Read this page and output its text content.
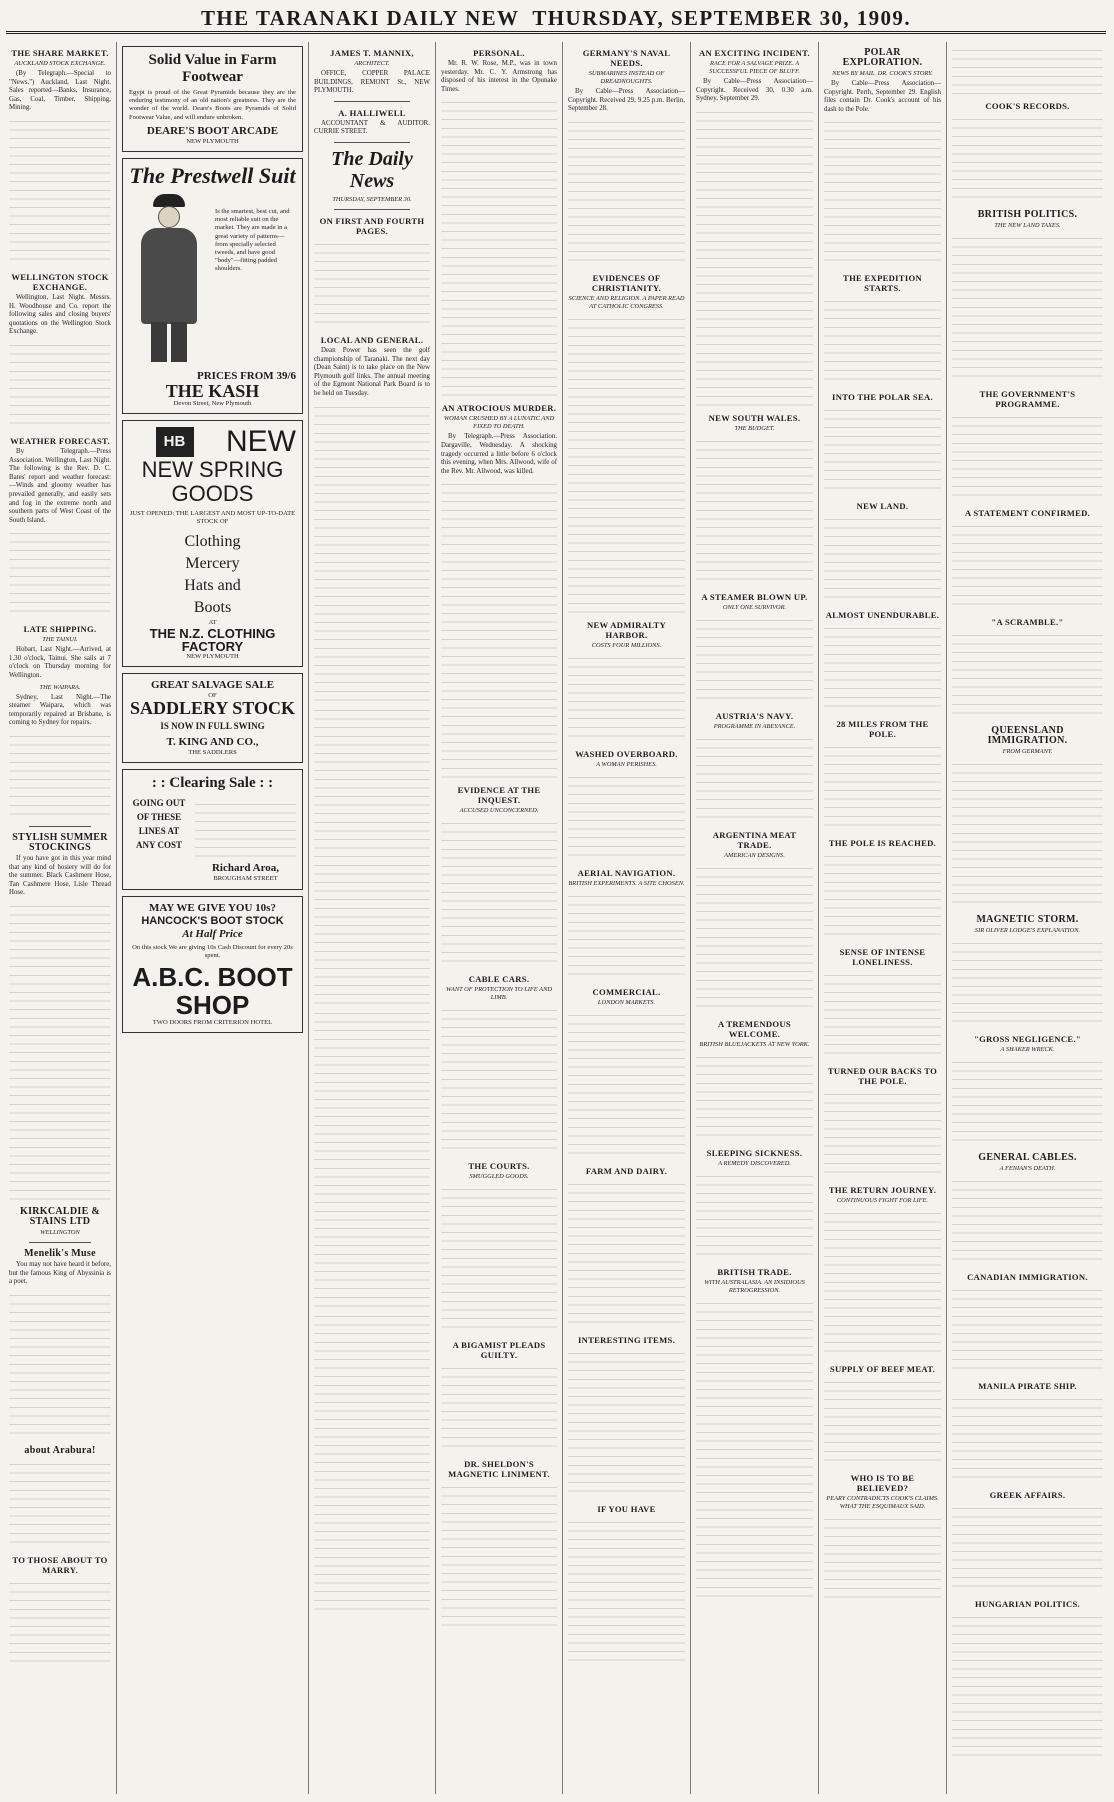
THE TARANAKI DAILY NEW  THURSDAY, SEPTEMBER 30, 1909.
THE SHARE MARKET.
AUCKLAND STOCK EXCHANGE.

(By Telegraph.—Special to "News.") Auckland, Last Night. Sales reported—Banks, Insurance, Gas, Coal, Timber, Shipping, Mining.

WELLINGTON STOCK EXCHANGE.

Wellington, Last Night. Messrs. H. Woodhouse and Co. report the following sales and closing buyers' quotations on the Wellington Stock Exchange.

WEATHER FORECAST.

By Telegraph.—Press Association. Wellington, Last Night. The following is the Rev. D. C. Bates' report and weather forecast:—Winds and gloomy weather has prevailed generally, and easily sets and fog in the extreme north and southern parts of West Coast of the South Island.

LATE SHIPPING.
THE TAINUI.

Hobart, Last Night.—Arrived, at 1.30 o'clock, Tainui. She sails at 7 o'clock on Thursday morning for Wellington.

THE WAIPARA.

Sydney, Last Night.—The steamer Waipara, which was temporarily repaired at Brisbane, is coming to Sydney for repairs.

STYLISH SUMMER STOCKINGS

If you have got in this year mind that any kind of hosiery will do for the summer. Black Cashmere Hose, Tan Cashmere Hose, Lisle Thread Hose.

KIRKCALDIE & STAINS LTD
WELLINGTON
Menelik's Muse

You may not have heard it before, but the famous King of Abyssinia is a poet.

about Arabura!
TO THOSE ABOUT TO MARRY.
Solid Value in Farm Footwear
Egypt is proud of the Great Pyramids because they are the enduring testimony of an old nation's greatness. They are the wonder of the world. Deare's Boots are Pyramids of Solid Footwear Value, and will endure unbroken.
DEARE'S BOOT ARCADE
NEW PLYMOUTH
The Prestwell Suit
Is the smartest, best cut, and most reliable suit on the market. They are made in a great variety of patterns—from specially selected tweeds, and have good "body"—fitting padded shoulders.
PRICES FROM 39/6
THE KASH
Devon Street, New Plymouth
HB NEW
NEW SPRING GOODS
JUST OPENED: THE LARGEST AND MOST UP-TO-DATE STOCK OF
Clothing
Mercery
Hats and
Boots
AT
THE N.Z. CLOTHING FACTORY
NEW PLYMOUTH
GREAT SALVAGE SALE
OF
SADDLERY STOCK
IS NOW IN FULL SWING
T. KING AND CO.,
THE SADDLERS
: : Clearing Sale : :
GOING OUT OF THESE LINES AT ANY COST
Richard Aroa,
BROUGHAM STREET
MAY WE GIVE YOU 10s?
HANCOCK'S BOOT STOCK
At Half Price
On this stock We are giving 10s Cash Discount for every 20s spent.
A.B.C. BOOT SHOP
TWO DOORS FROM CRITERION HOTEL
JAMES T. MANNIX,
ARCHITECT.

OFFICE, COPPER PALACE BUILDINGS, REMONT St., NEW PLYMOUTH.

A. HALLIWELL

ACCOUNTANT & AUDITOR. CURRIE STREET.

The Daily News
THURSDAY, SEPTEMBER 30.
ON FIRST AND FOURTH PAGES.
LOCAL AND GENERAL.

Dean Power has seen the golf championship of Taranaki. The next day (Dean Saint) is to take place on the New Plymouth golf links. The annual meeting of the Egmont National Park Board is to be held on Tuesday.

PERSONAL.

Mr. R. W. Rose, M.P., was in town yesterday. Mr. C. Y. Armstrong has disposed of his interest in the Opunake Times.

AN ATROCIOUS MURDER.
WOMAN CRUSHED BY A LUNATIC AND FIXED TO DEATH.

By Telegraph.—Press Association. Dargaville, Wednesday. A shocking tragedy occurred a little before 6 o'clock this evening, when Mrs. Allwood, wife of the Rev. Mr. Allwood, was killed.

EVIDENCE AT THE INQUEST.
ACCUSED UNCONCERNED.
CABLE CARS.
WANT OF PROTECTION TO LIFE AND LIMB.
THE COURTS.
SMUGGLED GOODS.
A BIGAMIST PLEADS GUILTY.
DR. SHELDON'S MAGNETIC LINIMENT.
GERMANY'S NAVAL NEEDS.
SUBMARINES INSTEAD OF DREADNOUGHTS.

By Cable—Press Association—Copyright. Received 29, 9.25 p.m. Berlin, September 28.

EVIDENCES OF CHRISTIANITY.
SCIENCE AND RELIGION. A PAPER READ AT CATHOLIC CONGRESS.
NEW ADMIRALTY HARBOR.
COSTS FOUR MILLIONS.
WASHED OVERBOARD.
A WOMAN PERISHES.
AERIAL NAVIGATION.
BRITISH EXPERIMENTS. A SITE CHOSEN.
COMMERCIAL.
LONDON MARKETS.
FARM AND DAIRY.
INTERESTING ITEMS.
IF YOU HAVE
AN EXCITING INCIDENT.
RACE FOR A SALVAGE PRIZE. A SUCCESSFUL PIECE OF BLUFF.

By Cable—Press Association—Copyright. Received 30, 0.30 a.m. Sydney, September 29.

NEW SOUTH WALES.
THE BUDGET.
A STEAMER BLOWN UP.
ONLY ONE SURVIVOR.
AUSTRIA'S NAVY.
PROGRAMME IN ABEYANCE.
ARGENTINA MEAT TRADE.
AMERICAN DESIGNS.
A TREMENDOUS WELCOME.
BRITISH BLUEJACKETS AT NEW YORK.
SLEEPING SICKNESS.
A REMEDY DISCOVERED.
BRITISH TRADE.
WITH AUSTRALASIA. AN INSIDIOUS RETROGRESSION.
POLAR EXPLORATION.
NEWS BY MAIL. DR. COOK'S STORY.

By Cable—Press Association—Copyright. Perth, September 29. English files contain Dr. Cook's account of his dash to the Pole.

THE EXPEDITION STARTS.
INTO THE POLAR SEA.
NEW LAND.
ALMOST UNENDURABLE.
28 MILES FROM THE POLE.
THE POLE IS REACHED.
SENSE OF INTENSE LONELINESS.
TURNED OUR BACKS TO THE POLE.
THE RETURN JOURNEY.
CONTINUOUS FIGHT FOR LIFE.
SUPPLY OF BEEF MEAT.
WHO IS TO BE BELIEVED?
PEARY CONTRADICTS COOK'S CLAIMS. WHAT THE ESQUIMAUX SAID.
COOK'S RECORDS.
BRITISH POLITICS.
THE NEW LAND TAXES.
THE GOVERNMENT'S PROGRAMME.
A STATEMENT CONFIRMED.
"A SCRAMBLE."
QUEENSLAND IMMIGRATION.
FROM GERMANY.
MAGNETIC STORM.
SIR OLIVER LODGE'S EXPLANATION.
"GROSS NEGLIGENCE."
A SHAKER WRECK.
GENERAL CABLES.
A FENIAN'S DEATH.
CANADIAN IMMIGRATION.
MANILA PIRATE SHIP.
GREEK AFFAIRS.
HUNGARIAN POLITICS.
